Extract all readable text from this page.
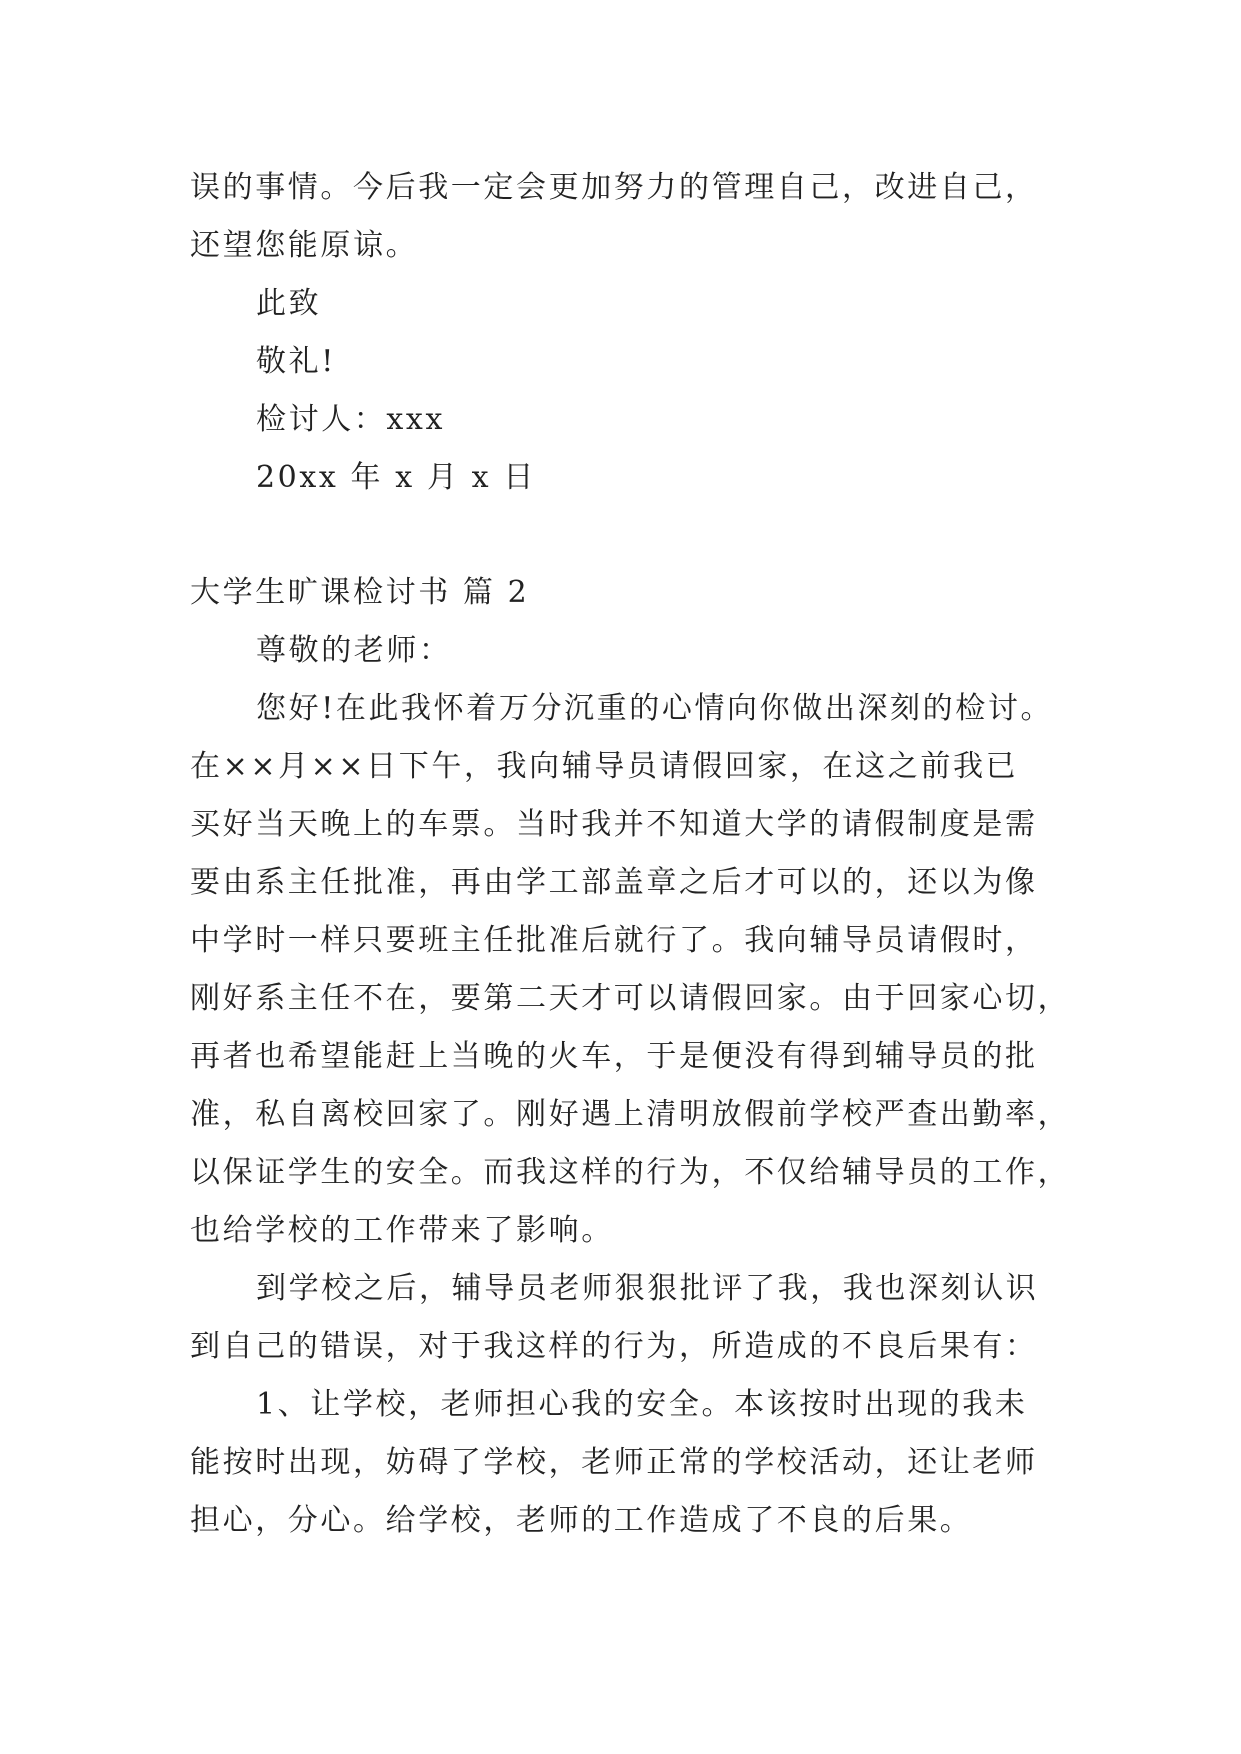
误的事情。今后我一定会更加努力的管理自己，改进自己，
还望您能原谅。
此致
敬礼!
检讨人：xxx
20xx 年 x 月 x 日
大学生旷课检讨书 篇 2
尊敬的老师：
您好!在此我怀着万分沉重的心情向你做出深刻的检讨。
在××月××日下午，我向辅导员请假回家，在这之前我已
买好当天晚上的车票。当时我并不知道大学的请假制度是需
要由系主任批准，再由学工部盖章之后才可以的，还以为像
中学时一样只要班主任批准后就行了。我向辅导员请假时，
刚好系主任不在，要第二天才可以请假回家。由于回家心切，
再者也希望能赶上当晚的火车，于是便没有得到辅导员的批
准，私自离校回家了。刚好遇上清明放假前学校严查出勤率，
以保证学生的安全。而我这样的行为，不仅给辅导员的工作，
也给学校的工作带来了影响。
到学校之后，辅导员老师狠狠批评了我，我也深刻认识
到自己的错误，对于我这样的行为，所造成的不良后果有：
1、让学校，老师担心我的安全。本该按时出现的我未
能按时出现，妨碍了学校，老师正常的学校活动，还让老师
担心，分心。给学校，老师的工作造成了不良的后果。
